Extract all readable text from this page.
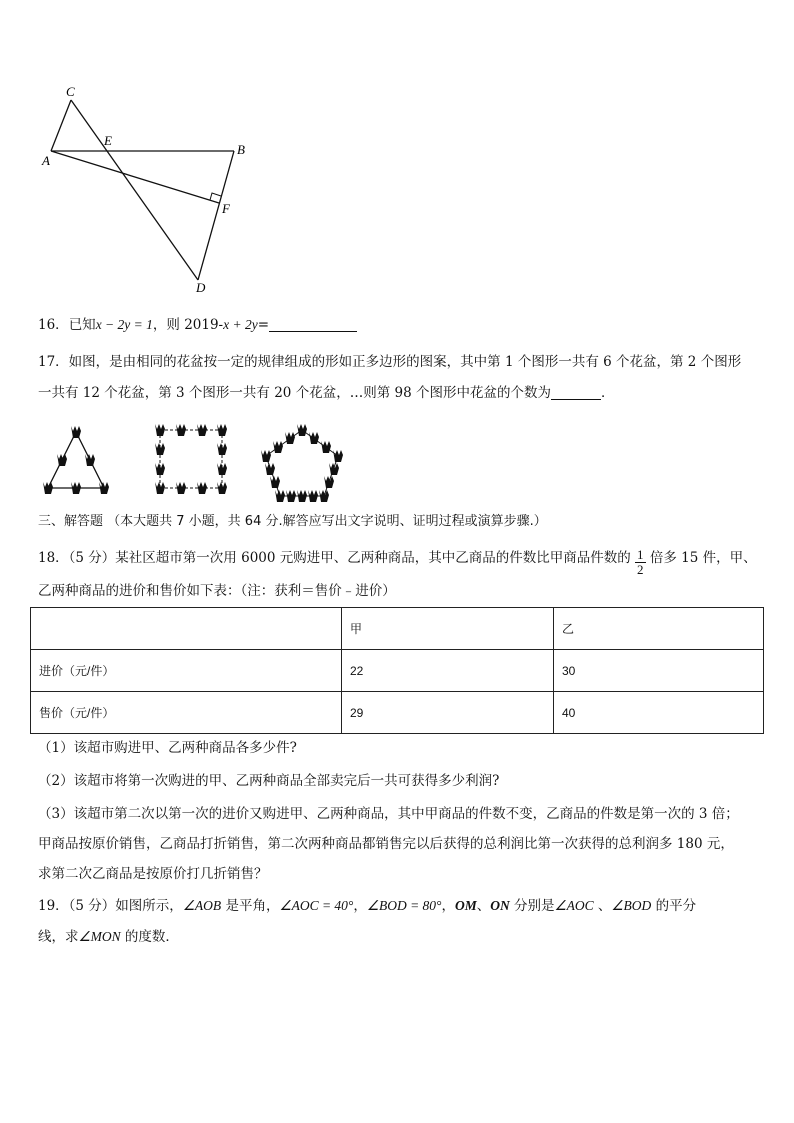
C
E
A
B
F
D
16．已知x − 2y = 1，则 2019-x + 2y=
17．如图，是由相同的花盆按一定的规律组成的形如正多边形的图案，其中第 1 个图形一共有 6 个花盆，第 2 个图形
一共有 12 个花盆，第 3 个图形一共有 20 个花盆，…则第 98 个图形中花盆的个数为	．
三、解答题 （本大题共 7 小题，共 64 分.解答应写出文字说明、证明过程或演算步骤.）
18．（5 分）某社区超市第一次用 6000 元购进甲、乙两种商品，其中乙商品的件数比甲商品件数的 $\frac{1}{2}$ 倍多 15 件，甲、
乙两种商品的进价和售价如下表：（注：获利＝售价﹣进价）
	甲	乙
进价（元/件）	22	30
售价（元/件）	29	40
（1）该超市购进甲、乙两种商品各多少件?
（2）该超市将第一次购进的甲、乙两种商品全部卖完后一共可获得多少利润?
（3）该超市第二次以第一次的进价又购进甲、乙两种商品，其中甲商品的件数不变，乙商品的件数是第一次的 3 倍；
甲商品按原价销售，乙商品打折销售，第二次两种商品都销售完以后获得的总利润比第一次获得的总利润多 180 元，
求第二次乙商品是按原价打几折销售？
19．（5 分）如图所示，∠AOB 是平角，∠AOC = 40°，∠BOD = 80°，OM、ON 分别是∠AOC 、∠BOD 的平分
线，求∠MON 的度数．
